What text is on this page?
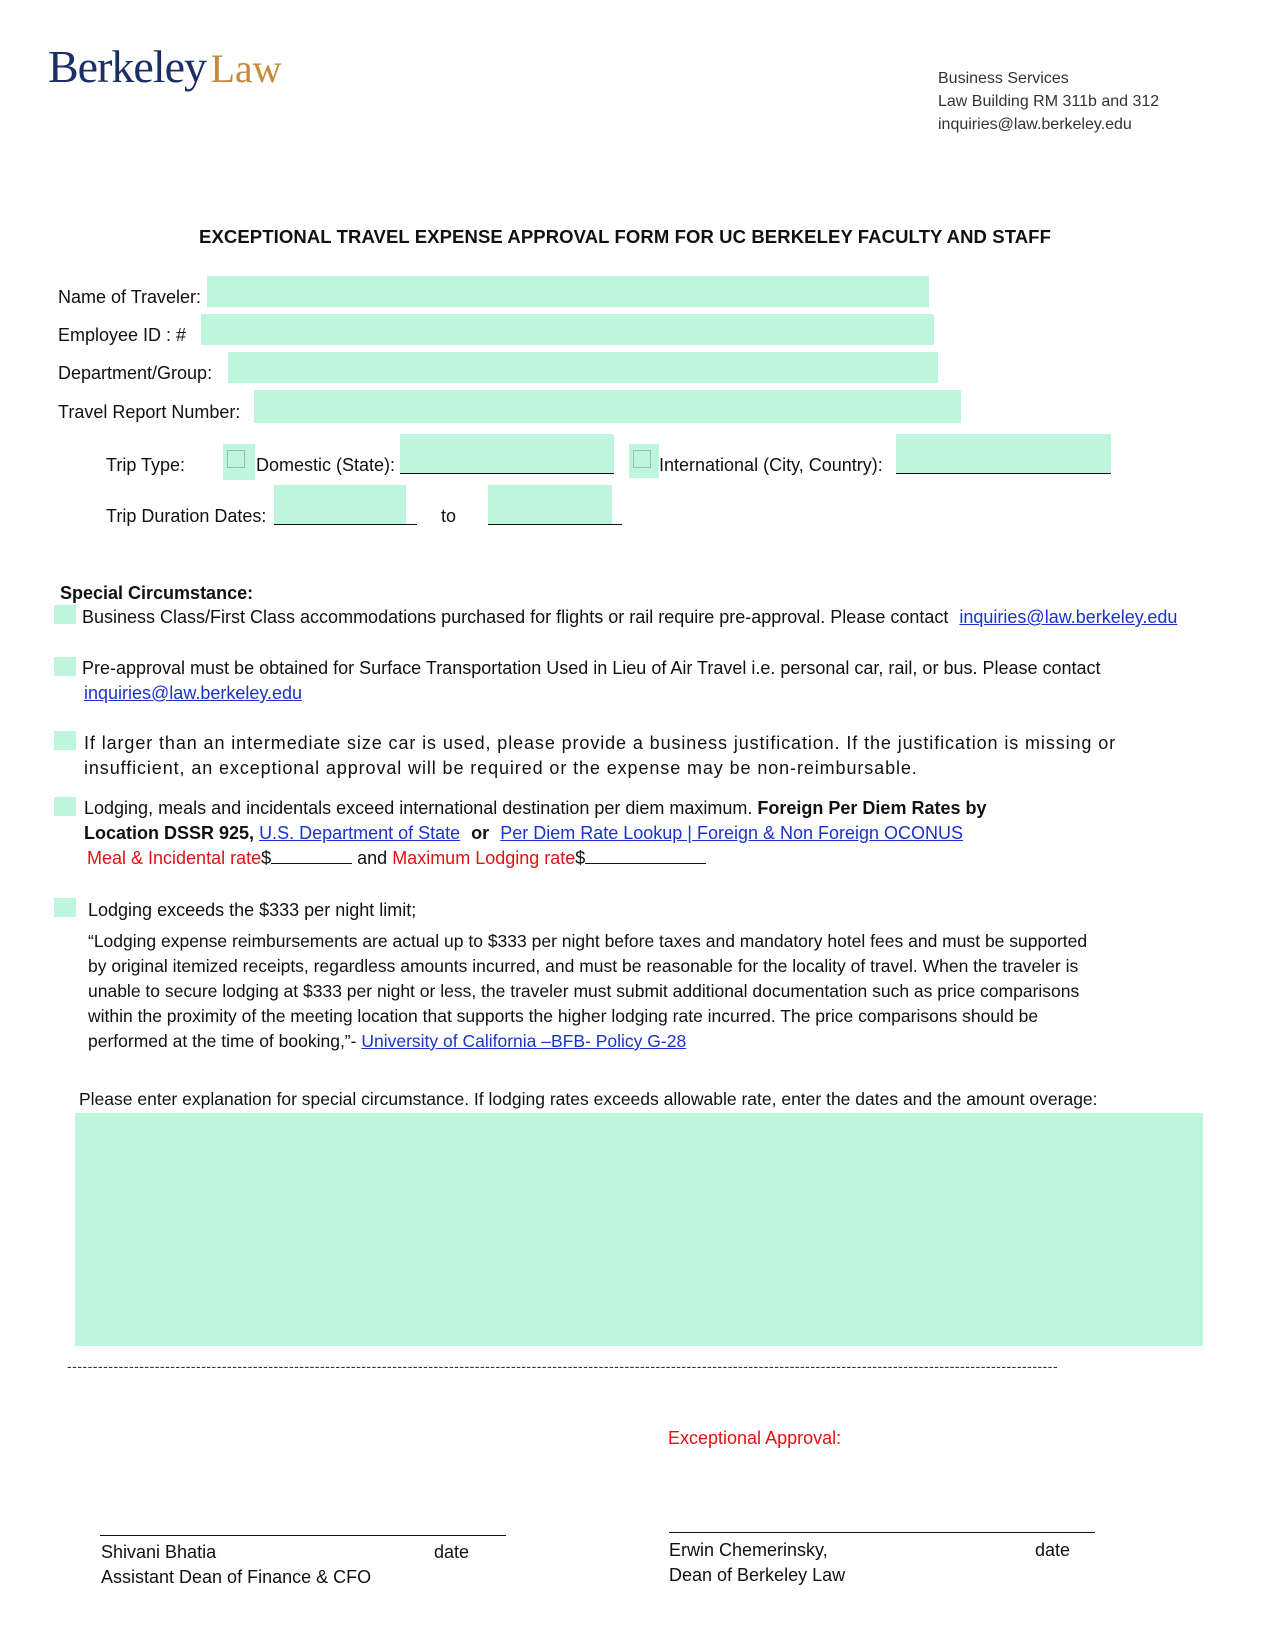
Berkeley Law	Business Services
Law Building RM 311b and 312
inquiries@law.berkeley.edu
EXCEPTIONAL TRAVEL EXPENSE APPROVAL FORM FOR UC BERKELEY FACULTY AND STAFF
Name of Traveler:
Employee ID : #
Department/Group:
Travel Report Number:
Trip Type:	Domestic (State):	International (City, Country):
Trip Duration Dates:	to
Special Circumstance:
Business Class/First Class accommodations purchased for flights or rail require pre-approval. Please contact inquiries@law.berkeley.edu
Pre-approval must be obtained for Surface Transportation Used in Lieu of Air Travel i.e. personal car, rail, or bus. Please contact
inquiries@law.berkeley.edu
If larger than an intermediate size car is used, please provide a business justification. If the justification is missing or
insufficient, an exceptional approval will be required or the expense may be non-reimbursable.
Lodging, meals and incidentals exceed international destination per diem maximum. Foreign Per Diem Rates by
Location DSSR 925, U.S. Department of State or Per Diem Rate Lookup | Foreign & Non Foreign OCONUS
Meal & Incidental rate$	and Maximum Lodging rate$
Lodging exceeds the $333 per night limit;
“Lodging expense reimbursements are actual up to $333 per night before taxes and mandatory hotel fees and must be supported
by original itemized receipts, regardless amounts incurred, and must be reasonable for the locality of travel. When the traveler is
unable to secure lodging at $333 per night or less, the traveler must submit additional documentation such as price comparisons
within the proximity of the meeting location that supports the higher lodging rate incurred. The price comparisons should be
performed at the time of booking,”- University of California –BFB- Policy G-28
Please enter explanation for special circumstance. If lodging rates exceeds allowable rate, enter the dates and the amount overage:
------------------------------------------------------------------------------------------------------------------------------------------------------------------------------------------------
Exceptional Approval:
Shivani Bhatia	date
Assistant Dean of Finance & CFO
Erwin Chemerinsky,	date
Dean of Berkeley Law
